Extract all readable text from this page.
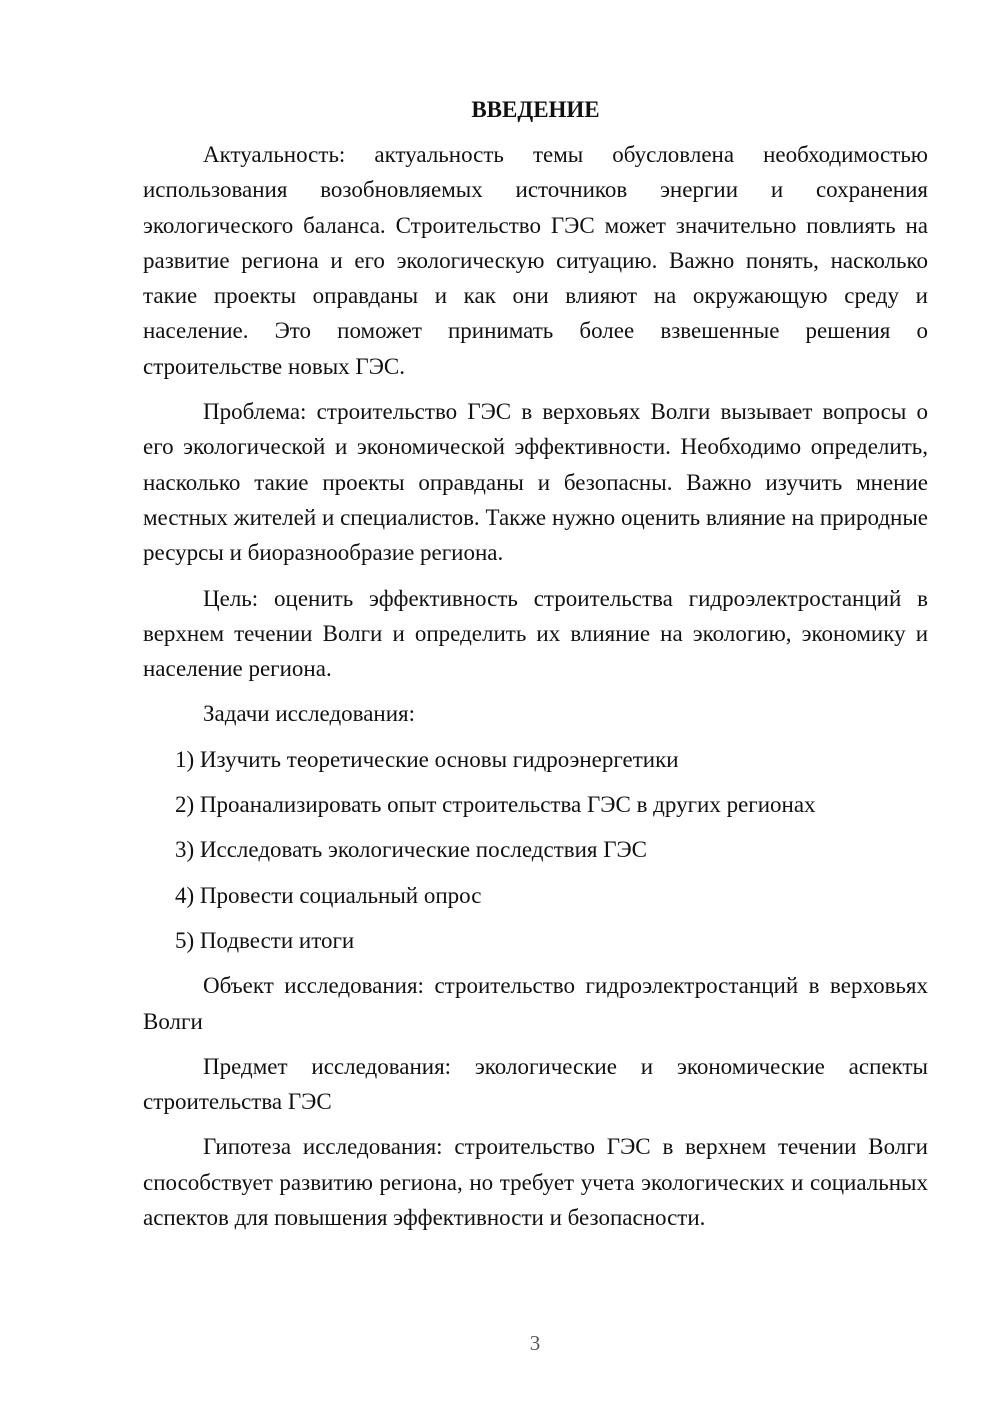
ВВЕДЕНИЕ

Актуальность: актуальность темы обусловлена необходимостью использования возобновляемых источников энергии и сохранения экологического баланса. Строительство ГЭС может значительно повлиять на развитие региона и его экологическую ситуацию. Важно понять, насколько такие проекты оправданы и как они влияют на окружающую среду и население. Это поможет принимать более взвешенные решения о строительстве новых ГЭС.

Проблема: строительство ГЭС в верховьях Волги вызывает вопросы о его экологической и экономической эффективности. Необходимо определить, насколько такие проекты оправданы и безопасны. Важно изучить мнение местных жителей и специалистов. Также нужно оценить влияние на природные ресурсы и биоразнообразие региона.

Цель: оценить эффективность строительства гидроэлектростанций в верхнем течении Волги и определить их влияние на экологию, экономику и население региона.

Задачи исследования:

1) Изучить теоретические основы гидроэнергетики
2) Проанализировать опыт строительства ГЭС в других регионах
3) Исследовать экологические последствия ГЭС
4) Провести социальный опрос
5) Подвести итоги

Объект исследования: строительство гидроэлектростанций в верховьях Волги

Предмет исследования: экологические и экономические аспекты строительства ГЭС

Гипотеза исследования: строительство ГЭС в верхнем течении Волги способствует развитию региона, но требует учета экологических и социальных аспектов для повышения эффективности и безопасности.

3
